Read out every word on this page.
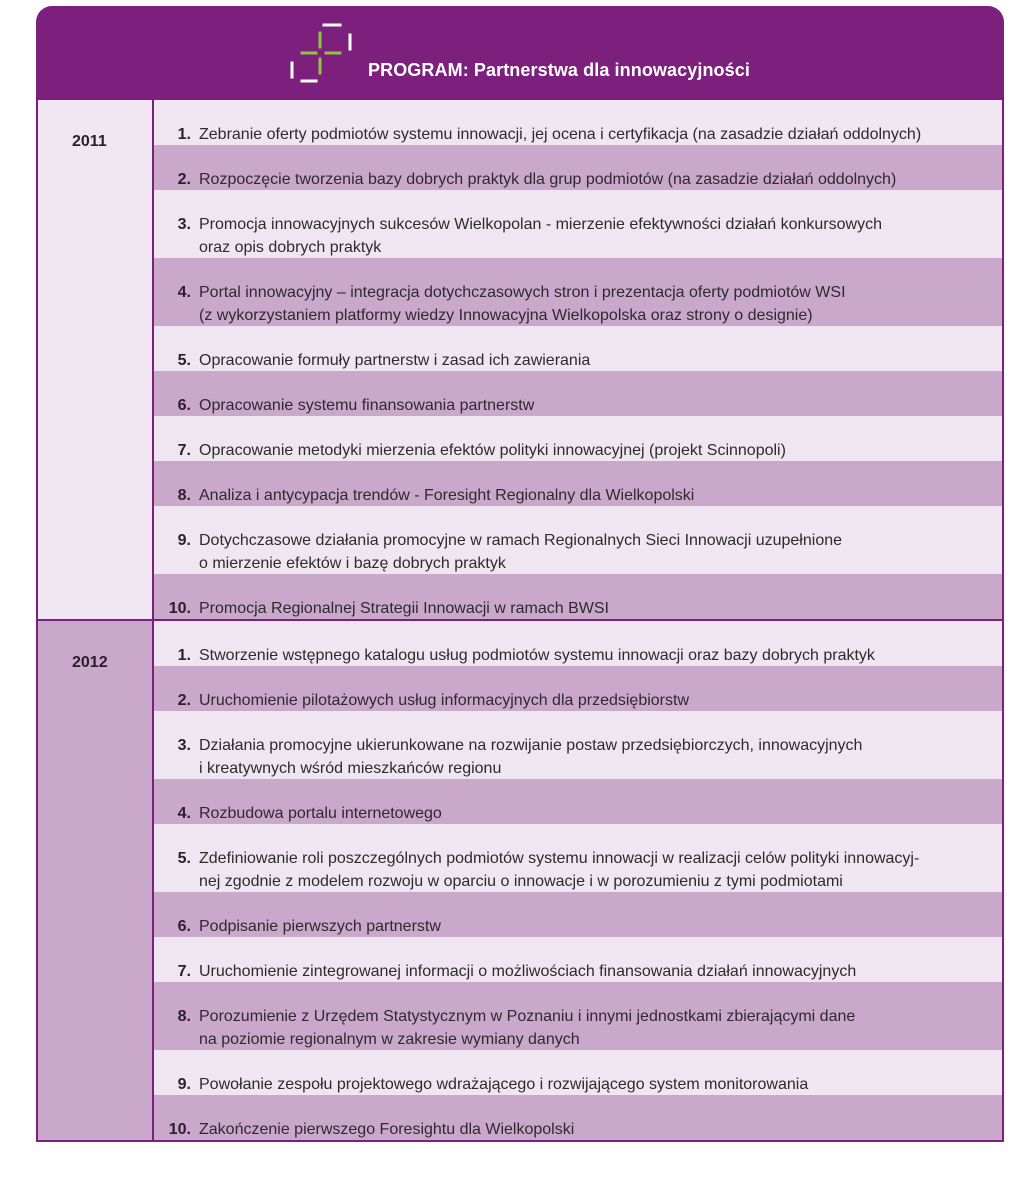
PROGRAM: Partnerstwa dla innowacyjności
2011	1. Zebranie oferty podmiotów systemu innowacji, jej ocena i certyfikacja (na zasadzie działań oddolnych)
2. Rozpoczęcie tworzenia bazy dobrych praktyk dla grup podmiotów (na zasadzie działań oddolnych)
3. Promocja innowacyjnych sukcesów Wielkopolan - mierzenie efektywności działań konkursowych
oraz opis dobrych praktyk
4. Portal innowacyjny – integracja dotychczasowych stron i prezentacja oferty podmiotów WSI
(z wykorzystaniem platformy wiedzy Innowacyjna Wielkopolska oraz strony o designie)
5. Opracowanie formuły partnerstw i zasad ich zawierania
6. Opracowanie systemu finansowania partnerstw
7. Opracowanie metodyki mierzenia efektów polityki innowacyjnej (projekt Scinnopoli)
8. Analiza i antycypacja trendów - Foresight Regionalny dla Wielkopolski
9. Dotychczasowe działania promocyjne w ramach Regionalnych Sieci Innowacji uzupełnione
o mierzenie efektów i bazę dobrych praktyk
10. Promocja Regionalnej Strategii Innowacji w ramach BWSI
2012	1. Stworzenie wstępnego katalogu usług podmiotów systemu innowacji oraz bazy dobrych praktyk
2. Uruchomienie pilotażowych usług informacyjnych dla przedsiębiorstw
3. Działania promocyjne ukierunkowane na rozwijanie postaw przedsiębiorczych, innowacyjnych
i kreatywnych wśród mieszkańców regionu
4. Rozbudowa portalu internetowego
5. Zdefiniowanie roli poszczególnych podmiotów systemu innowacji w realizacji celów polityki innowacyj-
nej zgodnie z modelem rozwoju w oparciu o innowacje i w porozumieniu z tymi podmiotami
6. Podpisanie pierwszych partnerstw
7. Uruchomienie zintegrowanej informacji o możliwościach finansowania działań innowacyjnych
8. Porozumienie z Urzędem Statystycznym w Poznaniu i innymi jednostkami zbierającymi dane
na poziomie regionalnym w zakresie wymiany danych
9. Powołanie zespołu projektowego wdrażającego i rozwijającego system monitorowania
10. Zakończenie pierwszego Foresightu dla Wielkopolski
